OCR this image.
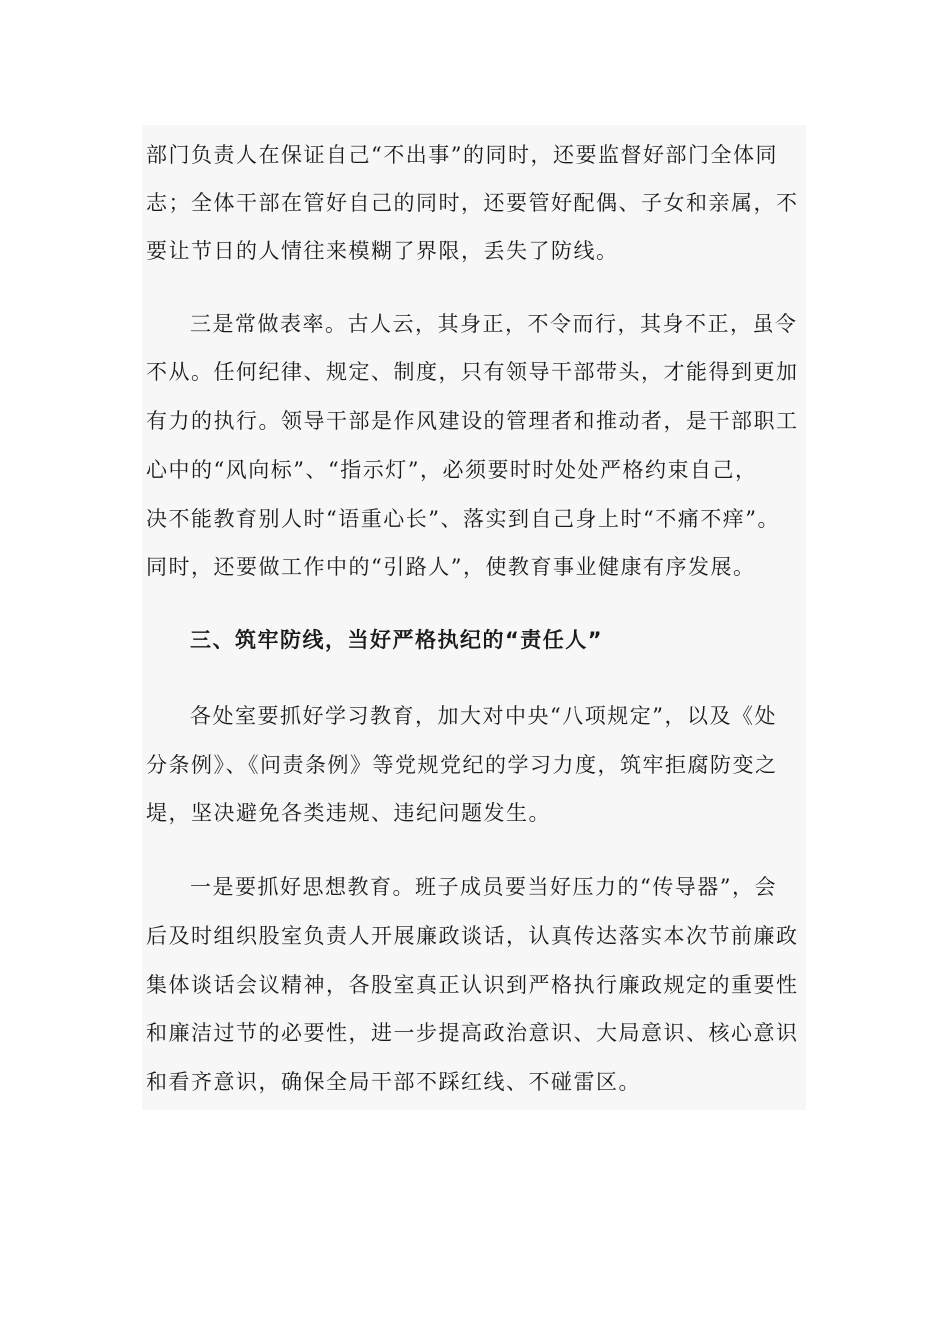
部门负责人在保证自己“不出事”的同时，还要监督好部门全体同
志；全体干部在管好自己的同时，还要管好配偶、子女和亲属，不
要让节日的人情往来模糊了界限，丢失了防线。
三是常做表率。古人云，其身正，不令而行，其身不正，虽令
不从。任何纪律、规定、制度，只有领导干部带头，才能得到更加
有力的执行。领导干部是作风建设的管理者和推动者，是干部职工
心中的“风向标”、“指示灯”，必须要时时处处严格约束自己，
决不能教育别人时“语重心长”、落实到自己身上时“不痛不痒”。
同时，还要做工作中的“引路人”，使教育事业健康有序发展。
三、筑牢防线，当好严格执纪的“责任人”
各处室要抓好学习教育，加大对中央“八项规定”，以及《处
分条例》、《问责条例》等党规党纪的学习力度，筑牢拒腐防变之
堤，坚决避免各类违规、违纪问题发生。
一是要抓好思想教育。班子成员要当好压力的“传导器”，会
后及时组织股室负责人开展廉政谈话，认真传达落实本次节前廉政
集体谈话会议精神，各股室真正认识到严格执行廉政规定的重要性
和廉洁过节的必要性，进一步提高政治意识、大局意识、核心意识
和看齐意识，确保全局干部不踩红线、不碰雷区。
